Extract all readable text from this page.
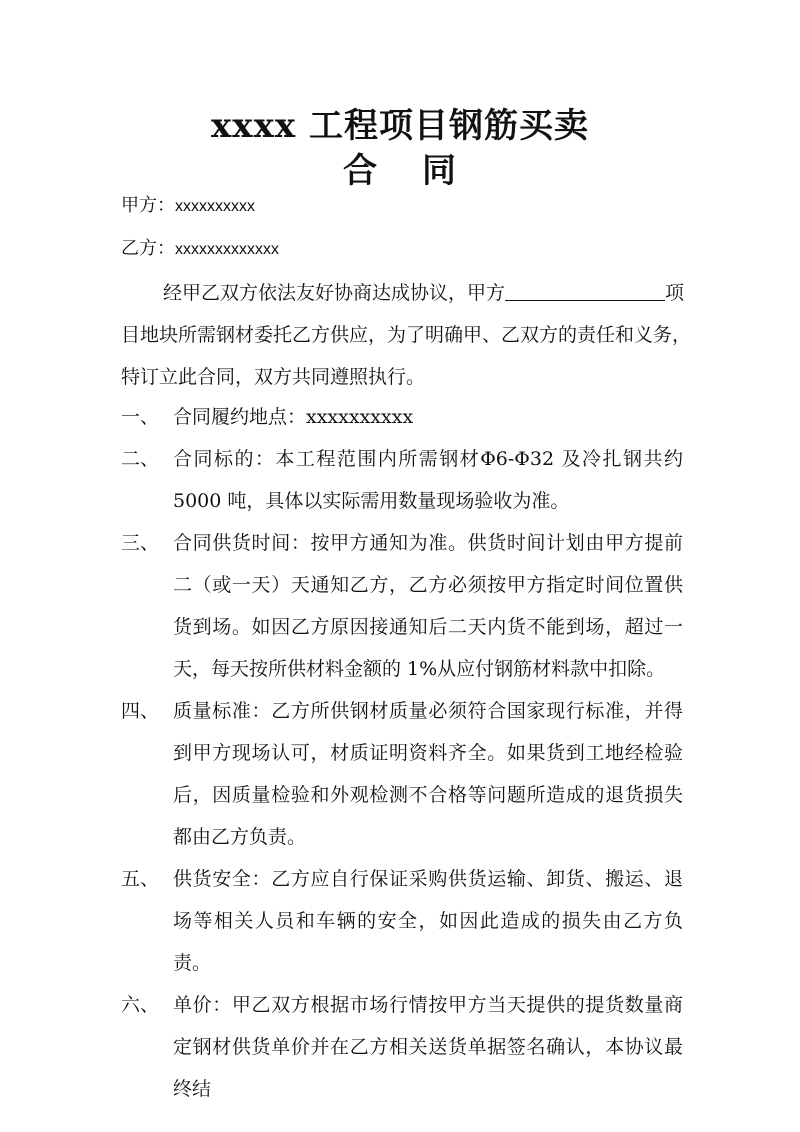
xxxx 工程项目钢筋买卖
合 同
甲方：xxxxxxxxxx
乙方：xxxxxxxxxxxxx
经甲乙双方依法友好协商达成协议，甲方	项
目地块所需钢材委托乙方供应，为了明确甲、乙双方的责任和义务，
特订立此合同，双方共同遵照执行。
一、 合同履约地点：xxxxxxxxxx
二、 合同标的：本工程范围内所需钢材Φ6-Φ32 及冷扎钢共约 5000 吨，具体以实际需用数量现场验收为准。
三、 合同供货时间：按甲方通知为准。供货时间计划由甲方提前二（或一天）天通知乙方，乙方必须按甲方指定时间位置供货到场。如因乙方原因接通知后二天内货不能到场，超过一天，每天按所供材料金额的 1%从应付钢筋材料款中扣除。
四、 质量标准：乙方所供钢材质量必须符合国家现行标准，并得到甲方现场认可，材质证明资料齐全。如果货到工地经检验后，因质量检验和外观检测不合格等问题所造成的退货损失都由乙方负责。
五、 供货安全：乙方应自行保证采购供货运输、卸货、搬运、退场等相关人员和车辆的安全，如因此造成的损失由乙方负责。
六、 单价：甲乙双方根据市场行情按甲方当天提供的提货数量商定钢材供货单价并在乙方相关送货单据签名确认，本协议最终结
